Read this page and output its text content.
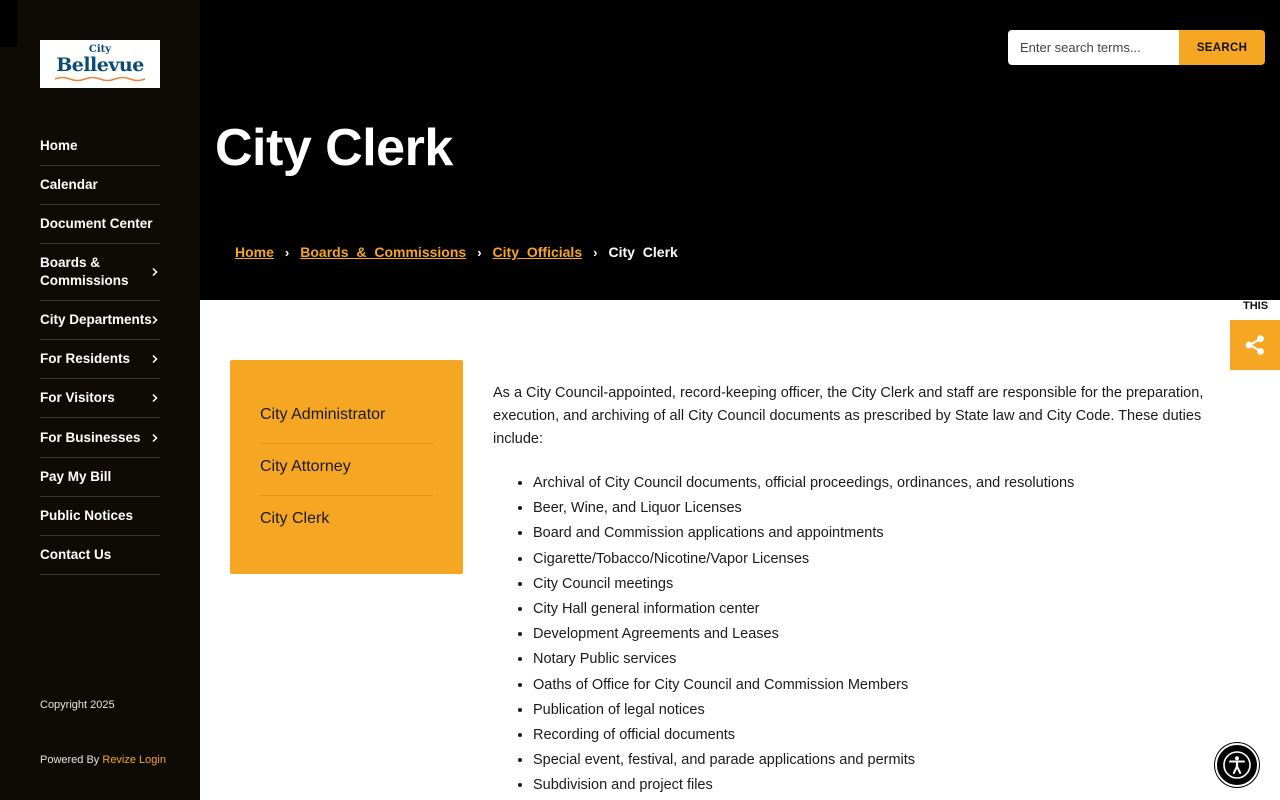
City
Bellevue
Home
Calendar
Document Center
Boards & Commissions
City Departments
For Residents
For Visitors
For Businesses
Pay My Bill
Public Notices
Contact Us
Copyright 2025
Powered By Revize Login
Enter search terms...
SEARCH
City Clerk
Home › Boards & Commissions › City Officials › City Clerk
THIS
City Administrator
City Attorney
City Clerk

As a City Council-appointed, record-keeping officer, the City Clerk and staff are responsible for the preparation, execution, and archiving of all City Council documents as prescribed by State law and City Code. These duties include:

• Archival of City Council documents, official proceedings, ordinances, and resolutions
• Beer, Wine, and Liquor Licenses
• Board and Commission applications and appointments
• Cigarette/Tobacco/Nicotine/Vapor Licenses
• City Council meetings
• City Hall general information center
• Development Agreements and Leases
• Notary Public services
• Oaths of Office for City Council and Commission Members
• Publication of legal notices
• Recording of official documents
• Special event, festival, and parade applications and permits
• Subdivision and project files
